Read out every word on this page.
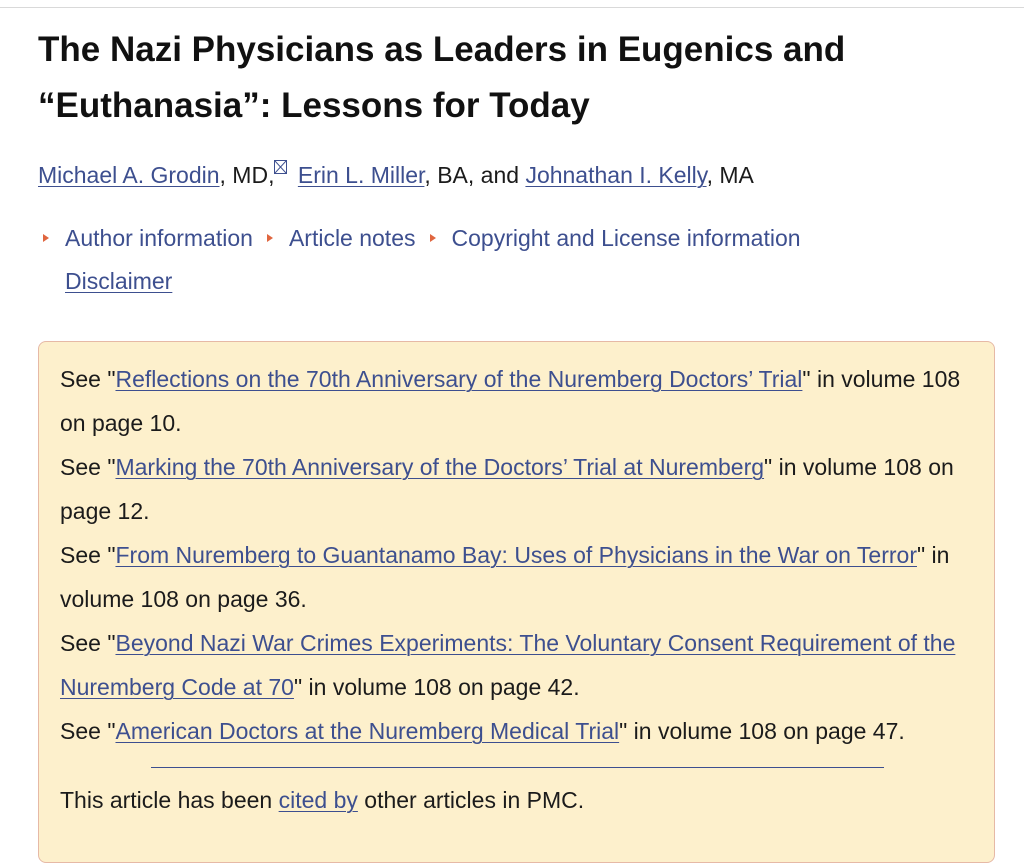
The Nazi Physicians as Leaders in Eugenics and “Euthanasia”: Lessons for Today
Michael A. Grodin, MD, Erin L. Miller, BA, and Johnathan I. Kelly, MA
Author information Article notes Copyright and License information
Disclaimer

See "Reflections on the 70th Anniversary of the Nuremberg Doctors’ Trial" in volume 108 on page 10.

See "Marking the 70th Anniversary of the Doctors’ Trial at Nuremberg" in volume 108 on page 12.

See "From Nuremberg to Guantanamo Bay: Uses of Physicians in the War on Terror" in volume 108 on page 36.

See "Beyond Nazi War Crimes Experiments: The Voluntary Consent Requirement of the Nuremberg Code at 70" in volume 108 on page 42.

See "American Doctors at the Nuremberg Medical Trial" in volume 108 on page 47.

This article has been cited by other articles in PMC.
